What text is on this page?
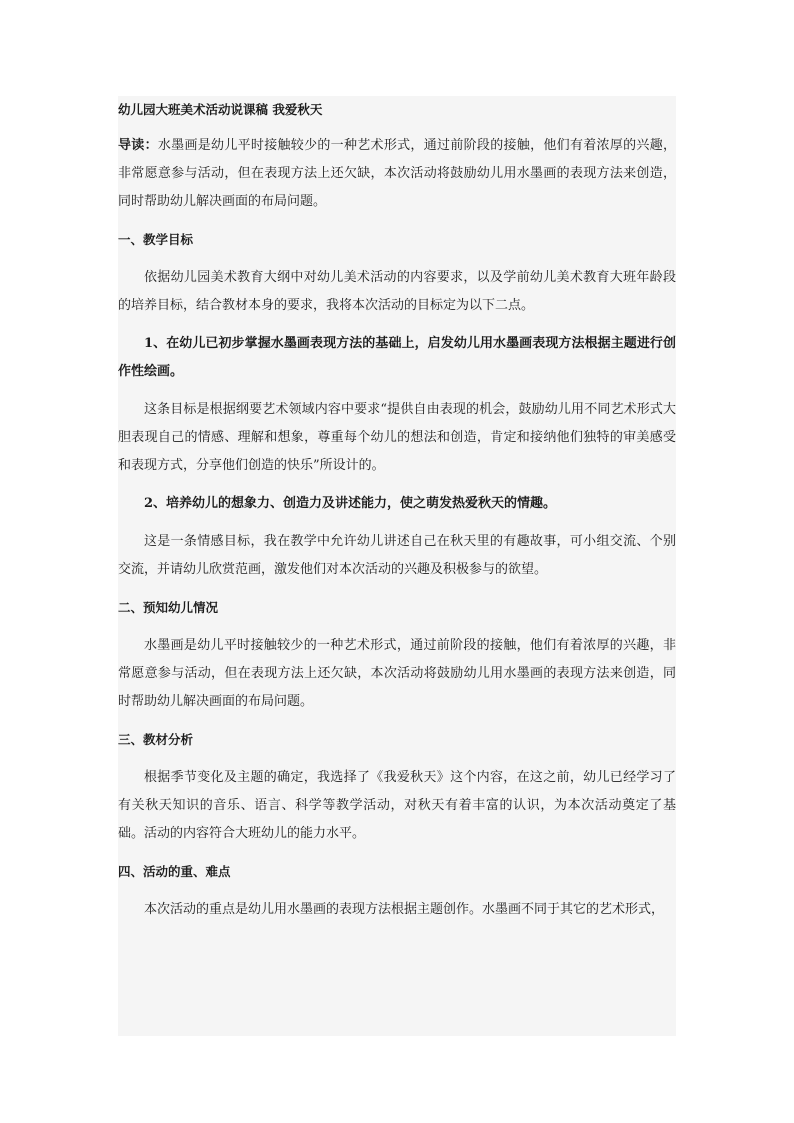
幼儿园大班美术活动说课稿 我爱秋天

导读：水墨画是幼儿平时接触较少的一种艺术形式，通过前阶段的接触，他们有着浓厚的兴趣，非常愿意参与活动，但在表现方法上还欠缺，本次活动将鼓励幼儿用水墨画的表现方法来创造，同时帮助幼儿解决画面的布局问题。

一、教学目标

依据幼儿园美术教育大纲中对幼儿美术活动的内容要求，以及学前幼儿美术教育大班年龄段的培养目标，结合教材本身的要求，我将本次活动的目标定为以下二点。

1、在幼儿已初步掌握水墨画表现方法的基础上，启发幼儿用水墨画表现方法根据主题进行创作性绘画。

这条目标是根据纲要艺术领域内容中要求“提供自由表现的机会，鼓励幼儿用不同艺术形式大胆表现自己的情感、理解和想象，尊重每个幼儿的想法和创造，肯定和接纳他们独特的审美感受和表现方式，分享他们创造的快乐”所设计的。

2、培养幼儿的想象力、创造力及讲述能力，使之萌发热爱秋天的情趣。

这是一条情感目标，我在教学中允许幼儿讲述自己在秋天里的有趣故事，可小组交流、个别交流，并请幼儿欣赏范画，激发他们对本次活动的兴趣及积极参与的欲望。

二、预知幼儿情况

水墨画是幼儿平时接触较少的一种艺术形式，通过前阶段的接触，他们有着浓厚的兴趣，非常愿意参与活动，但在表现方法上还欠缺，本次活动将鼓励幼儿用水墨画的表现方法来创造，同时帮助幼儿解决画面的布局问题。

三、教材分析

根据季节变化及主题的确定，我选择了《我爱秋天》这个内容，在这之前，幼儿已经学习了有关秋天知识的音乐、语言、科学等教学活动，对秋天有着丰富的认识，为本次活动奠定了基础。活动的内容符合大班幼儿的能力水平。

四、活动的重、难点

本次活动的重点是幼儿用水墨画的表现方法根据主题创作。水墨画不同于其它的艺术形式，
